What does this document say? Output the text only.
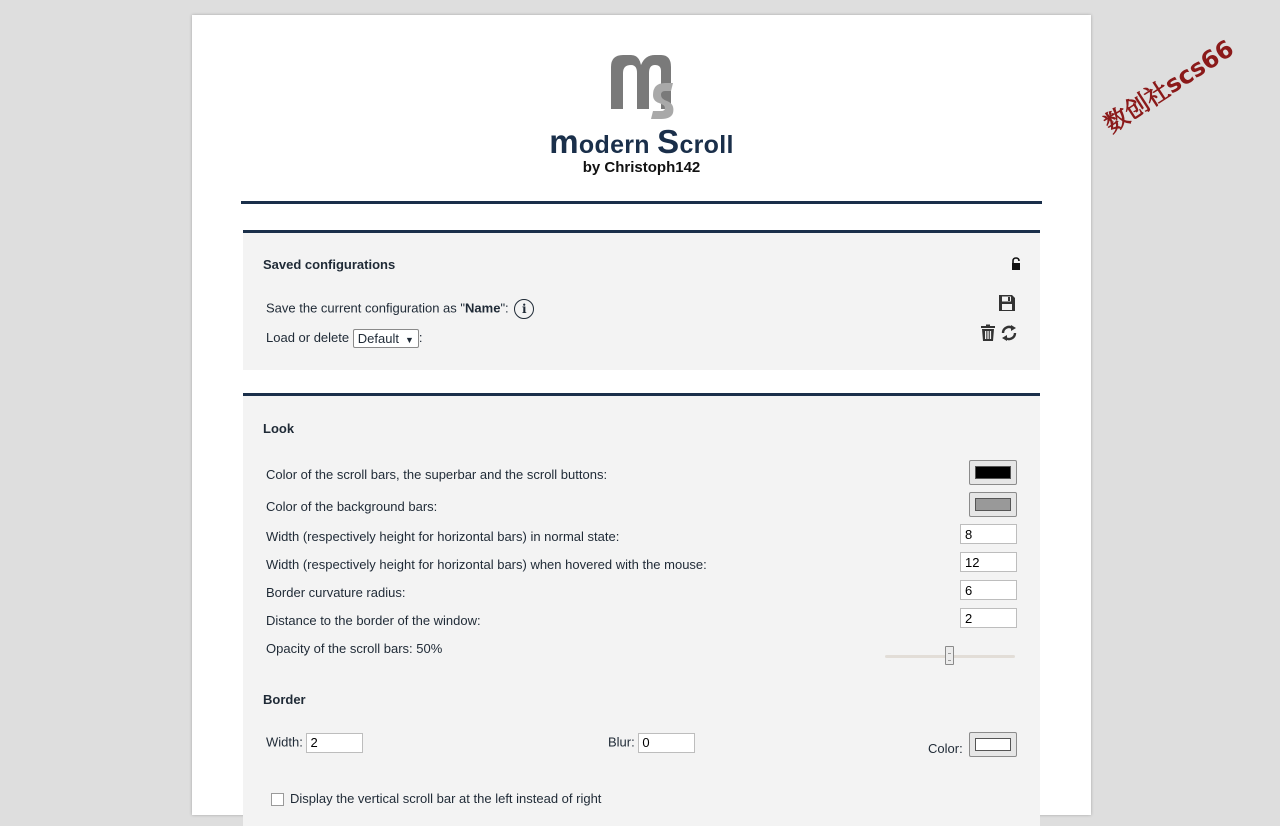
modern Scroll
by Christoph142
Saved configurations
Save the current configuration as "Name": i
Load or delete Default ▼ :
Look
Color of the scroll bars, the superbar and the scroll buttons:
Color of the background bars:
Width (respectively height for horizontal bars) in normal state:
8
Width (respectively height for horizontal bars) when hovered with the mouse:
12
Border curvature radius:
6
Distance to the border of the window:
2
Opacity of the scroll bars: 50%
Border
Width: 2	Blur: 0	Color:
Display the vertical scroll bar at the left instead of right
数创社scs66
